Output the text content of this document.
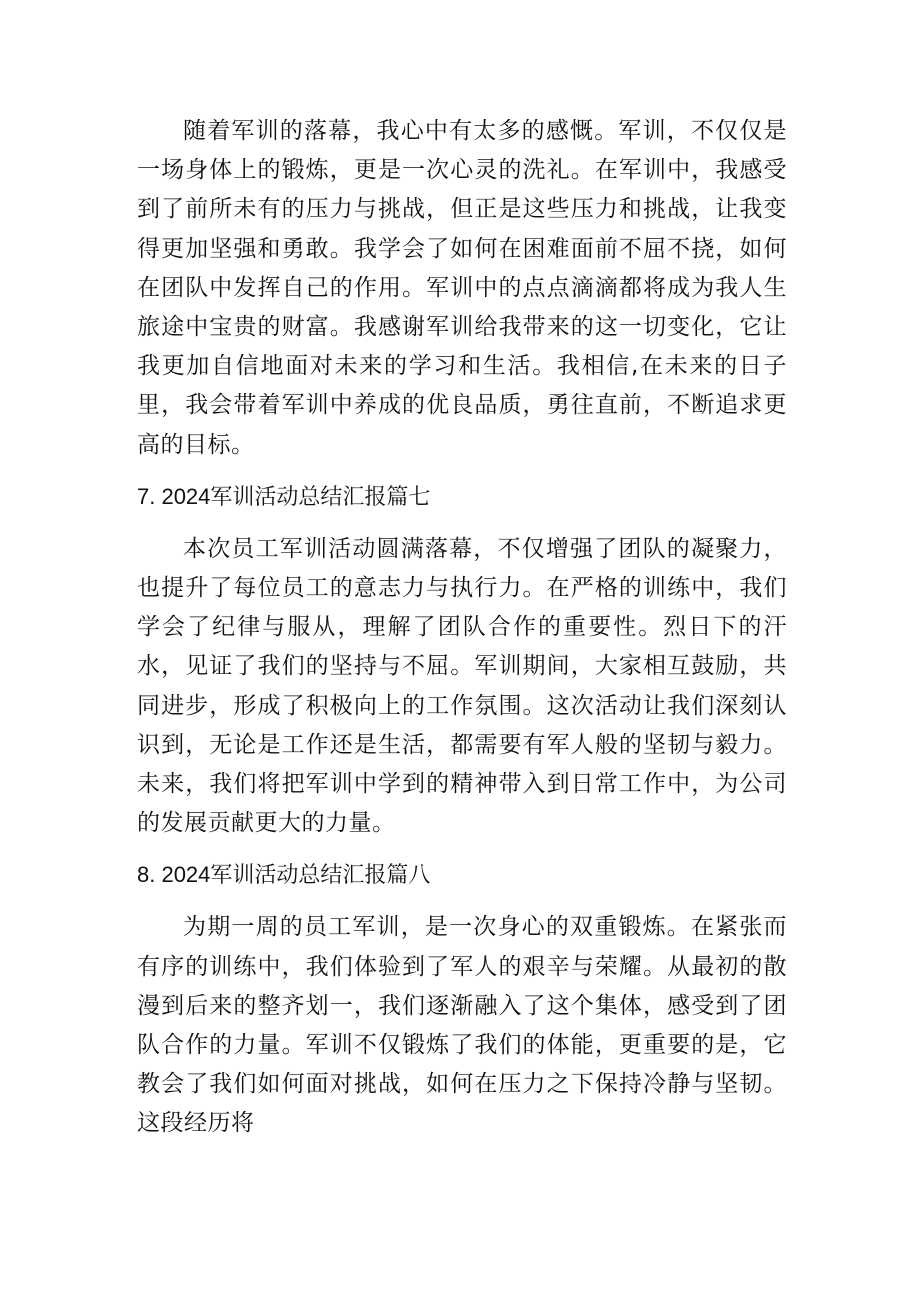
随着军训的落幕，我心中有太多的感慨。军训，不仅仅是一场身体上的锻炼，更是一次心灵的洗礼。在军训中，我感受到了前所未有的压力与挑战，但正是这些压力和挑战，让我变得更加坚强和勇敢。我学会了如何在困难面前不屈不挠，如何在团队中发挥自己的作用。军训中的点点滴滴都将成为我人生旅途中宝贵的财富。我感谢军训给我带来的这一切变化，它让我更加自信地面对未来的学习和生活。我相信,在未来的日子里，我会带着军训中养成的优良品质，勇往直前，不断追求更高的目标。

7. 2024军训活动总结汇报篇七

本次员工军训活动圆满落幕，不仅增强了团队的凝聚力，也提升了每位员工的意志力与执行力。在严格的训练中，我们学会了纪律与服从，理解了团队合作的重要性。烈日下的汗水，见证了我们的坚持与不屈。军训期间，大家相互鼓励，共同进步，形成了积极向上的工作氛围。这次活动让我们深刻认识到，无论是工作还是生活，都需要有军人般的坚韧与毅力。未来，我们将把军训中学到的精神带入到日常工作中，为公司的发展贡献更大的力量。

8. 2024军训活动总结汇报篇八

为期一周的员工军训，是一次身心的双重锻炼。在紧张而有序的训练中，我们体验到了军人的艰辛与荣耀。从最初的散漫到后来的整齐划一，我们逐渐融入了这个集体，感受到了团队合作的力量。军训不仅锻炼了我们的体能，更重要的是，它教会了我们如何面对挑战，如何在压力之下保持冷静与坚韧。这段经历将
